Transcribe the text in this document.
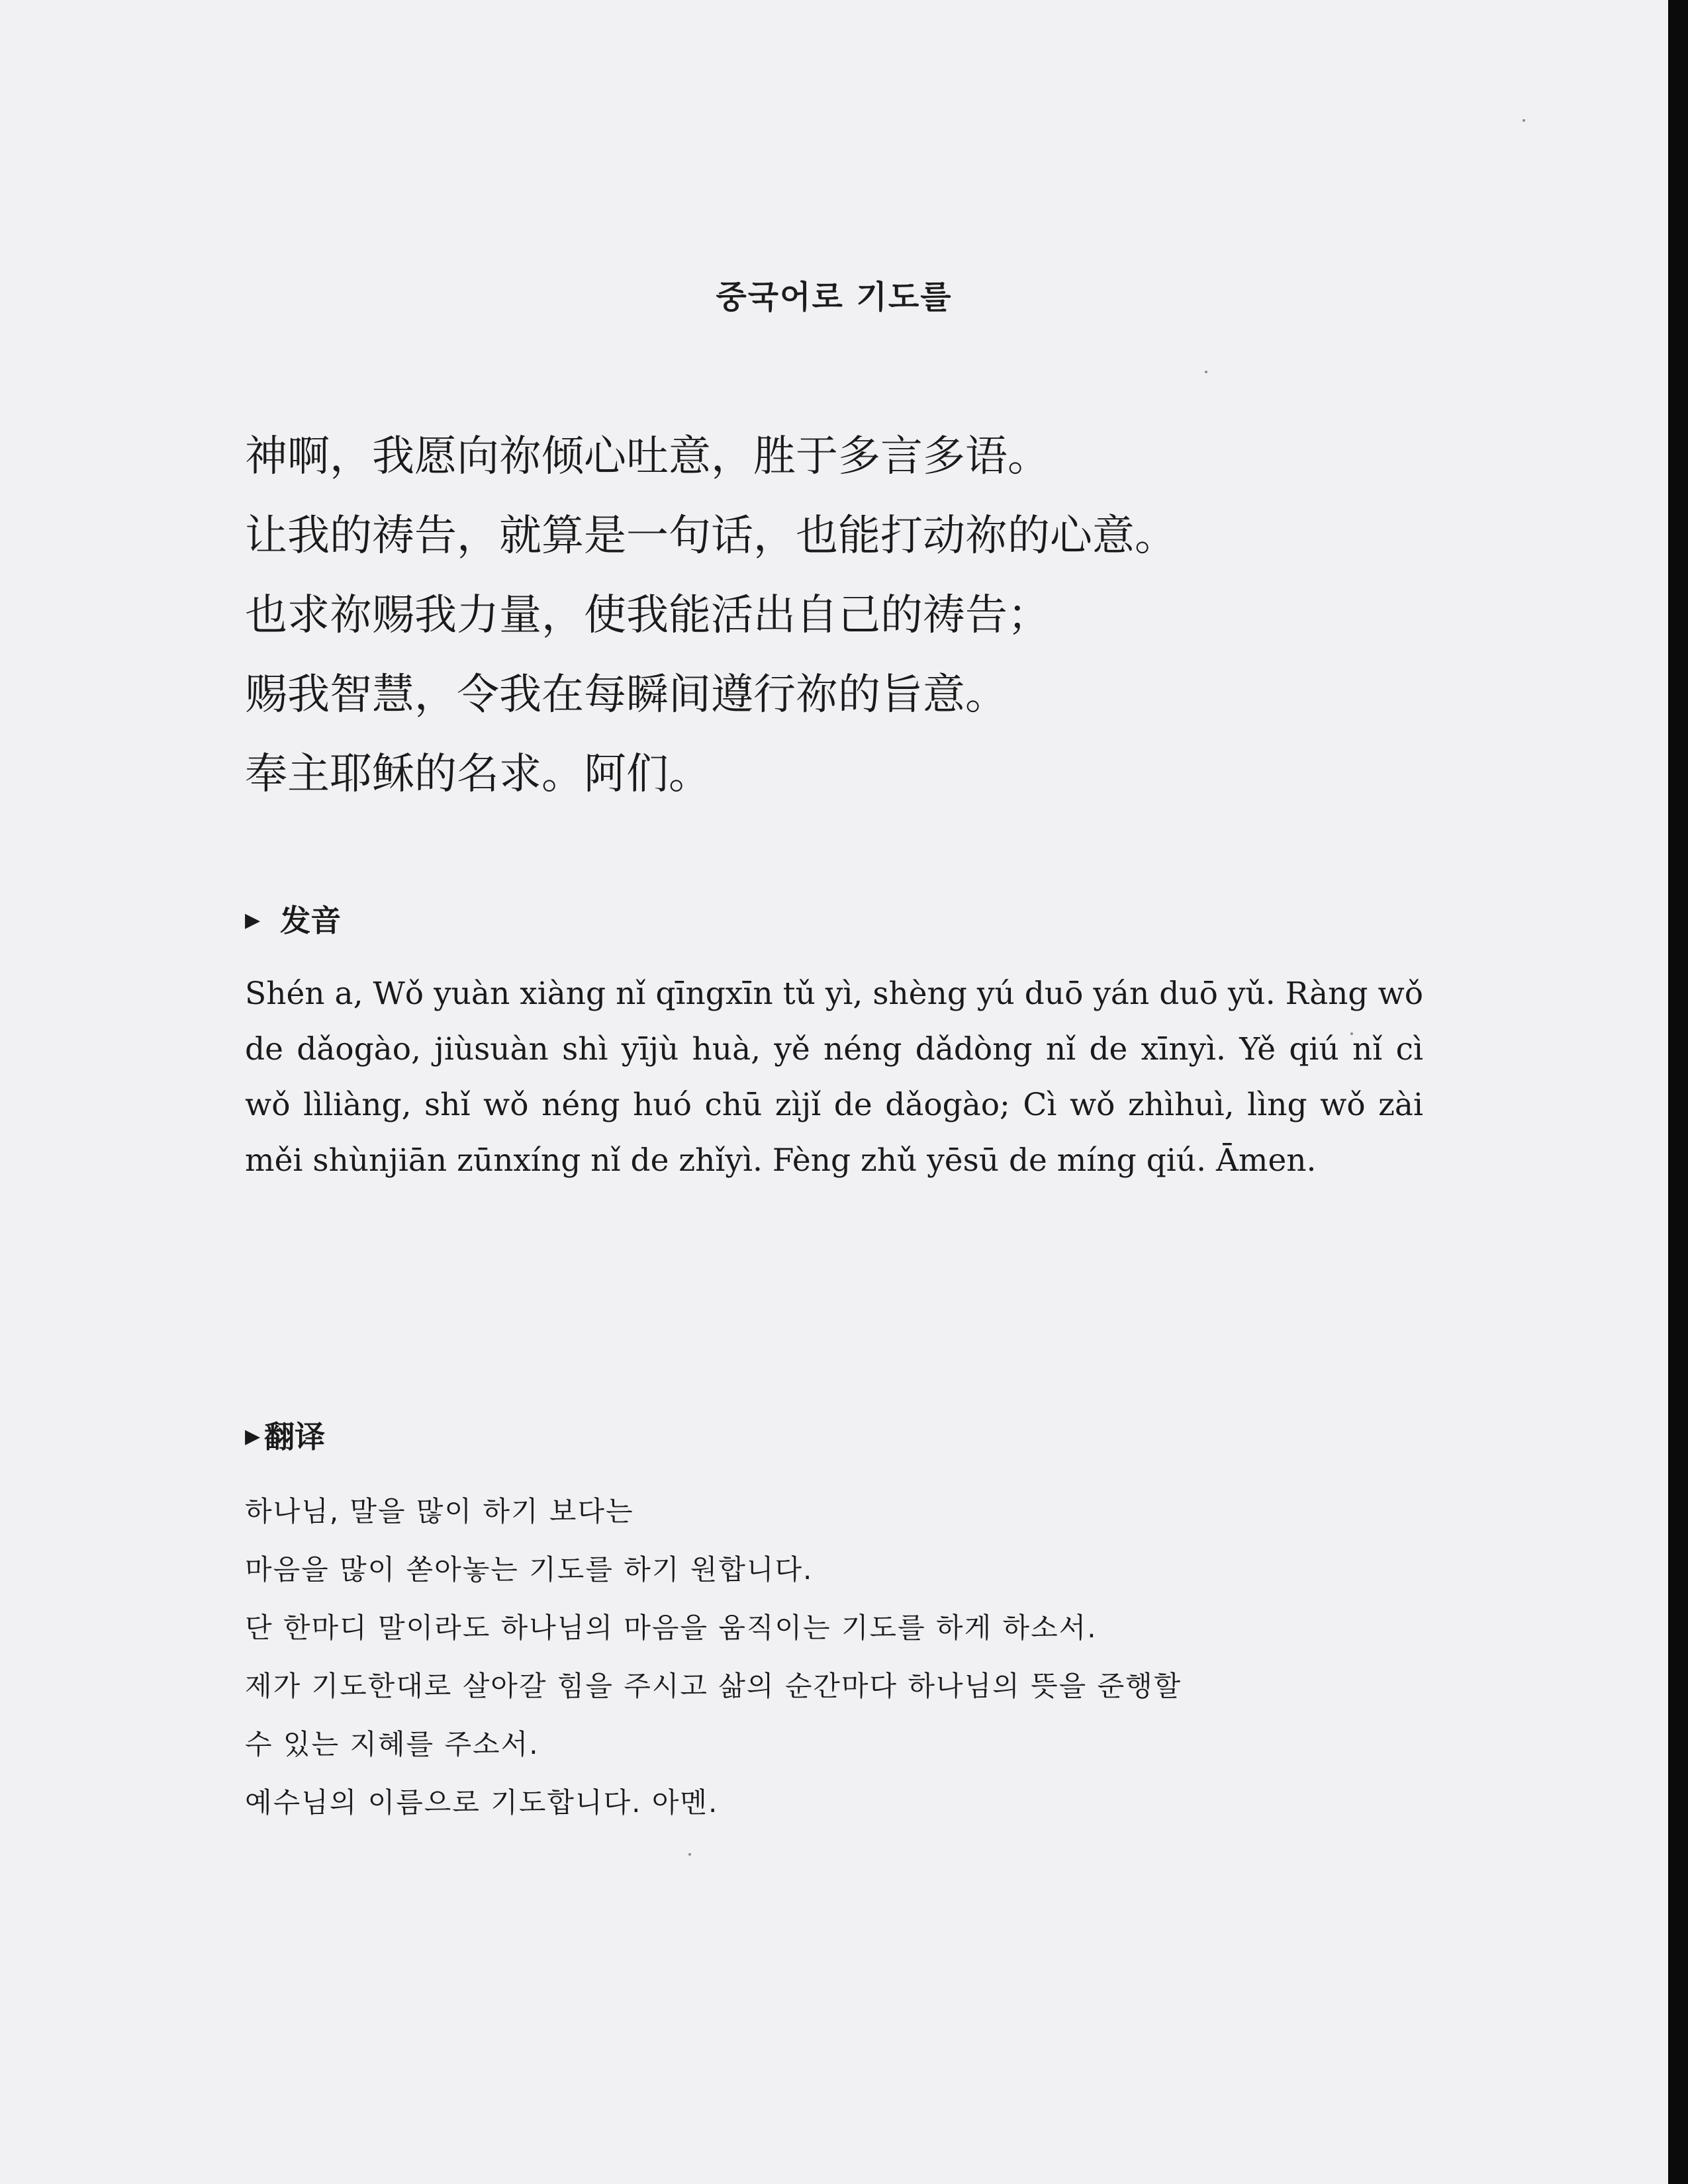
중국어로 기도를
神啊，我愿向祢倾心吐意，胜于多言多语。
让我的祷告，就算是一句话，也能打动祢的心意。
也求祢赐我力量，使我能活出自己的祷告；
赐我智慧，令我在每瞬间遵行祢的旨意。
奉主耶稣的名求。阿们。
▶ 发音
Shén a, Wǒ yuàn xiàng nǐ qīngxīn tǔ yì, shèng yú duō yán duō yǔ. Ràng wǒ de dǎogào, jiùsuàn shì yījù huà, yě néng dǎdòng nǐ de xīnyì. Yě qiú nǐ cì wǒ lìliàng, shǐ wǒ néng huó chū zìjǐ de dǎogào; Cì wǒ zhìhuì, lìng wǒ zài měi shùnjiān zūnxíng nǐ de zhǐyì. Fèng zhǔ yēsū de míng qiú. Āmen.
▶ 翻译
하나님, 말을 많이 하기 보다는
마음을 많이 쏟아놓는 기도를 하기 원합니다.
단 한마디 말이라도 하나님의 마음을 움직이는 기도를 하게 하소서.
제가 기도한대로 살아갈 힘을 주시고 삶의 순간마다 하나님의 뜻을 준행할
수 있는 지혜를 주소서.
예수님의 이름으로 기도합니다. 아멘.
